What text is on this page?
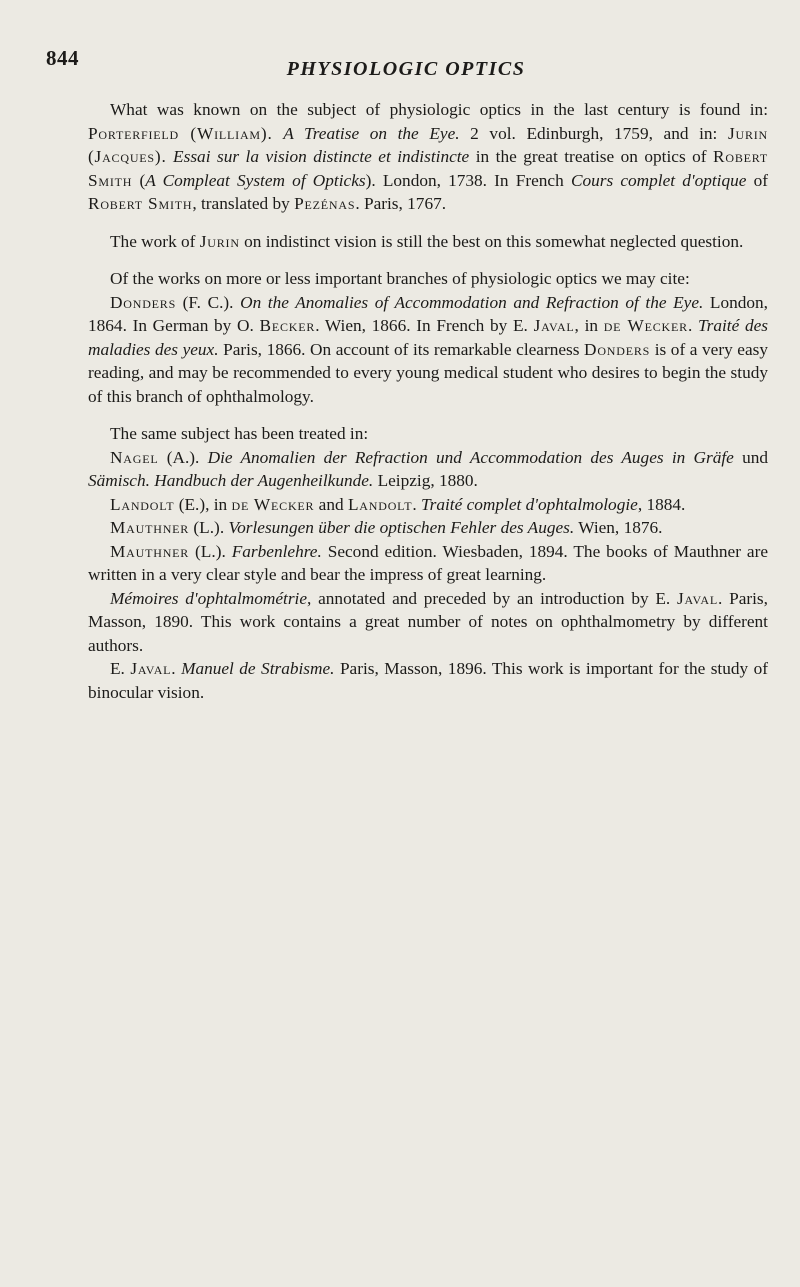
844	PHYSIOLOGIC OPTICS

What was known on the subject of physiologic optics in the last century is found in: Porterfield (William). A Treatise on the Eye. 2 vol. Edinburgh, 1759, and in: Jurin (Jacques). Essai sur la vision distincte et indistincte in the great treatise on optics of Robert Smith (A Compleat System of Opticks). London, 1738. In French Cours complet d'optique of Robert Smith, translated by Pezénas. Paris, 1767.

The work of Jurin on indistinct vision is still the best on this somewhat neglected question.

Of the works on more or less important branches of physiologic optics we may cite:

Donders (F. C.). On the Anomalies of Accommodation and Refraction of the Eye. London, 1864. In German by O. Becker. Wien, 1866. In French by E. Javal, in de Wecker. Traité des maladies des yeux. Paris, 1866. On account of its remarkable clearness Donders is of a very easy reading, and may be recommended to every young medical student who desires to begin the study of this branch of ophthalmology.

The same subject has been treated in:

Nagel (A.). Die Anomalien der Refraction und Accommodation des Auges in Gräfe und Sämisch. Handbuch der Augenheilkunde. Leipzig, 1880.

Landolt (E.), in de Wecker and Landolt. Traité complet d'ophtalmologie, 1884.

Mauthner (L.). Vorlesungen über die optischen Fehler des Auges. Wien, 1876.

Mauthner (L.). Farbenlehre. Second edition. Wiesbaden, 1894. The books of Mauthner are written in a very clear style and bear the impress of great learning.

Mémoires d'ophtalmométrie, annotated and preceded by an introduction by E. Javal. Paris, Masson, 1890. This work contains a great number of notes on ophthalmometry by different authors.

E. Javal. Manuel de Strabisme. Paris, Masson, 1896. This work is important for the study of binocular vision.
